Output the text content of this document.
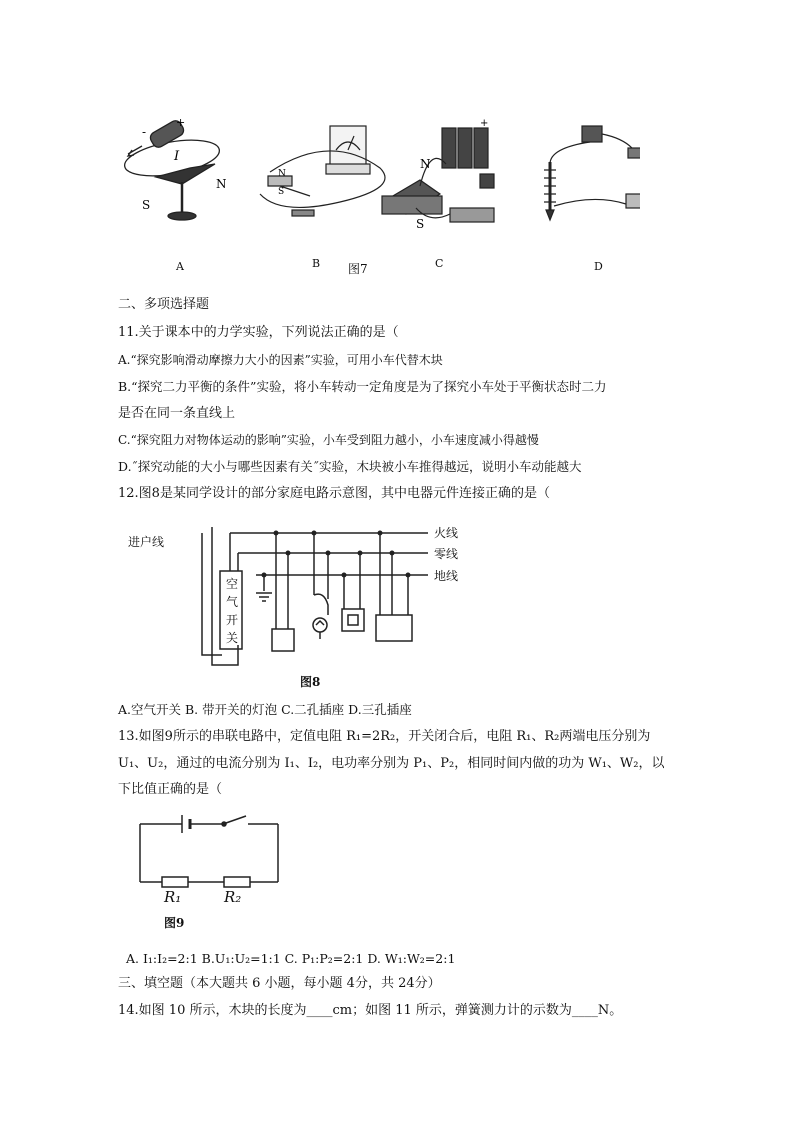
I
N
S
+
-
N
S
N
S
+
A	B 图7	C	D
二、多项选择题
11.关于课本中的力学实验，下列说法正确的是（
A.“探究影响滑动摩擦力大小的因素”实验，可用小车代替木块
B.“探究二力平衡的条件”实验，将小车转动一定角度是为了探究小车处于平衡状态时二力
是否在同一条直线上
C.“探究阻力对物体运动的影响”实验，小车受到阻力越小，小车速度减小得越慢
D.˝探究动能的大小与哪些因素有关˝实验，木块被小车推得越远，说明小车动能越大
12.图8是某同学设计的部分家庭电路示意图，其中电器元件连接正确的是（
进户线
火线
零线
地线
空
气
开
关
图8
A.空气开关 B. 带开关的灯泡 C.二孔插座 D.三孔插座
13.如图9所示的串联电路中，定值电阻 R₁=2R₂，开关闭合后，电阻 R₁、R₂两端电压分别为
U₁、U₂，通过的电流分别为 I₁、I₂，电功率分别为 P₁、P₂，相同时间内做的功为 W₁、W₂，以
下比值正确的是（
R₁	R₂
图9
A. I₁:I₂=2:1 B.U₁:U₂=1:1 C. P₁:P₂=2:1 D. W₁:W₂=2:1
三、填空题（本大题共 6 小题，每小题 4分，共 24分）
14.如图 10 所示，木块的长度为____cm；如图 11 所示，弹簧测力计的示数为____N。
